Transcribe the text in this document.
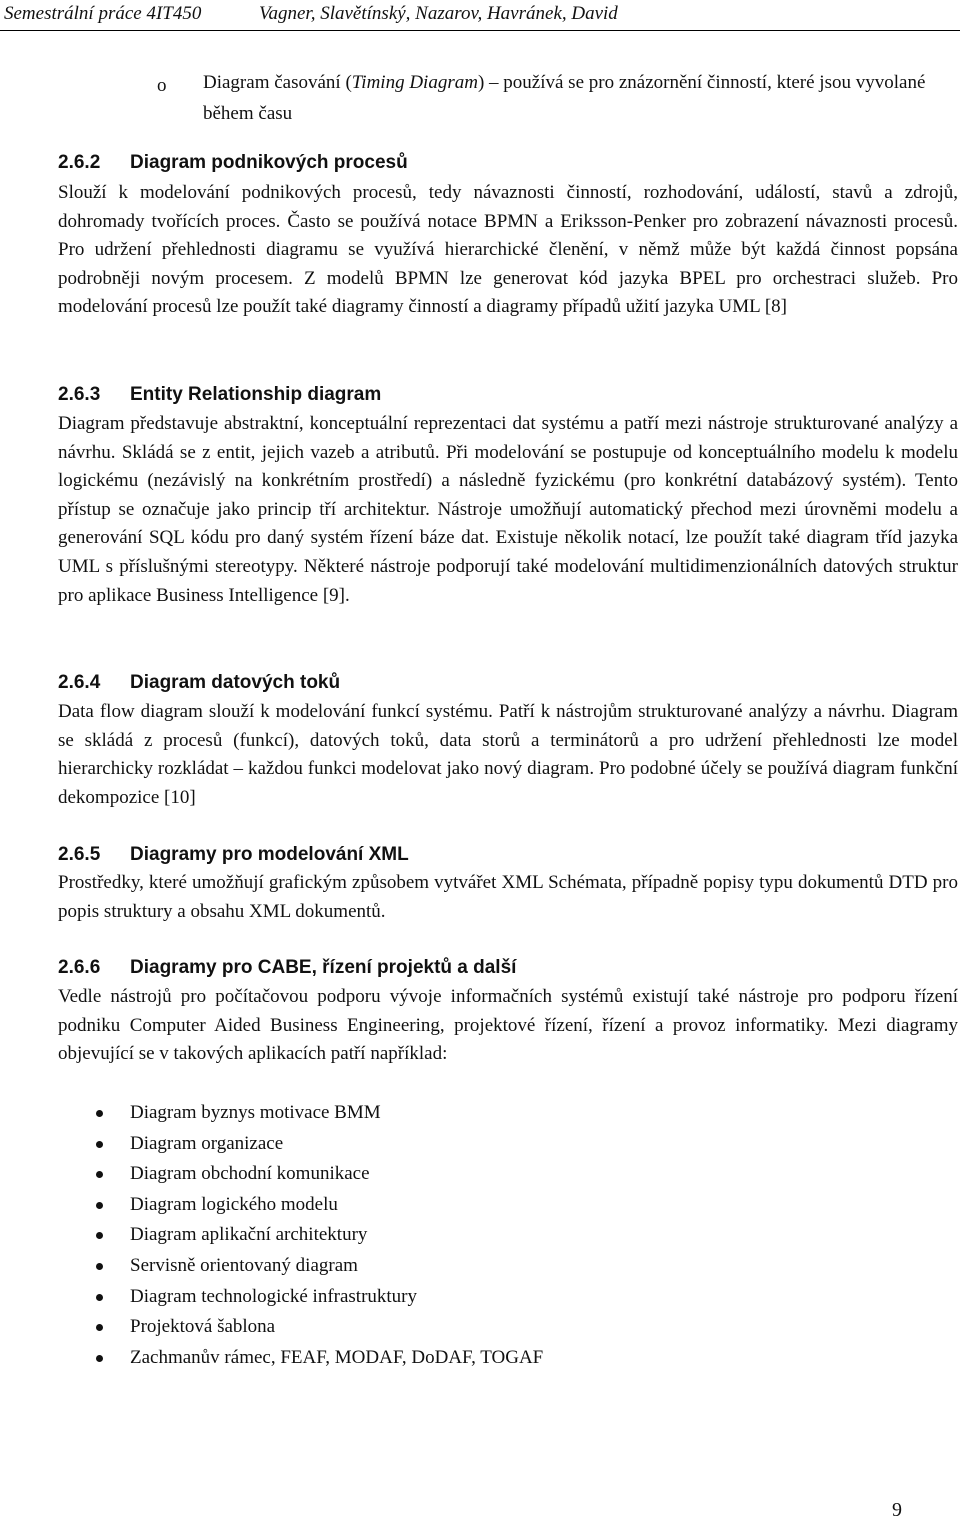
Semestrální práce 4IT450	Vagner, Slavětínský, Nazarov, Havránek, David
o	Diagram časování (Timing Diagram) – používá se pro znázornění činností, které jsou vyvolané během času

2.6.2 Diagram podnikových procesů

Slouží k modelování podnikových procesů, tedy návaznosti činností, rozhodování, událostí, stavů a zdrojů, dohromady tvořících proces. Často se používá notace BPMN a Eriksson-Penker pro zobrazení návaznosti procesů. Pro udržení přehlednosti diagramu se využívá hierarchické členění, v němž může být každá činnost popsána podrobněji novým procesem. Z modelů BPMN lze generovat kód jazyka BPEL pro orchestraci služeb. Pro modelování procesů lze použít také diagramy činností a diagramy případů užití jazyka UML [8]

2.6.3 Entity Relationship diagram

Diagram představuje abstraktní, konceptuální reprezentaci dat systému a patří mezi nástroje strukturované analýzy a návrhu. Skládá se z entit, jejich vazeb a atributů. Při modelování se postupuje od konceptuálního modelu k modelu logickému (nezávislý na konkrétním prostředí) a následně fyzickému (pro konkrétní databázový systém). Tento přístup se označuje jako princip tří architektur. Nástroje umožňují automatický přechod mezi úrovněmi modelu a generování SQL kódu pro daný systém řízení báze dat. Existuje několik notací, lze použít také diagram tříd jazyka UML s příslušnými stereotypy. Některé nástroje podporují také modelování multidimenzionálních datových struktur pro aplikace Business Intelligence [9].

2.6.4 Diagram datových toků

Data flow diagram slouží k modelování funkcí systému. Patří k nástrojům strukturované analýzy a návrhu. Diagram se skládá z procesů (funkcí), datových toků, data storů a terminátorů a pro udržení přehlednosti lze model hierarchicky rozkládat – každou funkci modelovat jako nový diagram. Pro podobné účely se používá diagram funkční dekompozice [10]

2.6.5 Diagramy pro modelování XML

Prostředky, které umožňují grafickým způsobem vytvářet XML Schémata, případně popisy typu dokumentů DTD pro popis struktury a obsahu XML dokumentů.

2.6.6 Diagramy pro CABE, řízení projektů a další

Vedle nástrojů pro počítačovou podporu vývoje informačních systémů existují také nástroje pro podporu řízení podniku Computer Aided Business Engineering, projektové řízení, řízení a provoz informatiky. Mezi diagramy objevující se v takových aplikacích patří například:

Diagram byznys motivace BMM
Diagram organizace
Diagram obchodní komunikace
Diagram logického modelu
Diagram aplikační architektury
Servisně orientovaný diagram
Diagram technologické infrastruktury
Projektová šablona
Zachmanův rámec, FEAF, MODAF, DoDAF, TOGAF
9
